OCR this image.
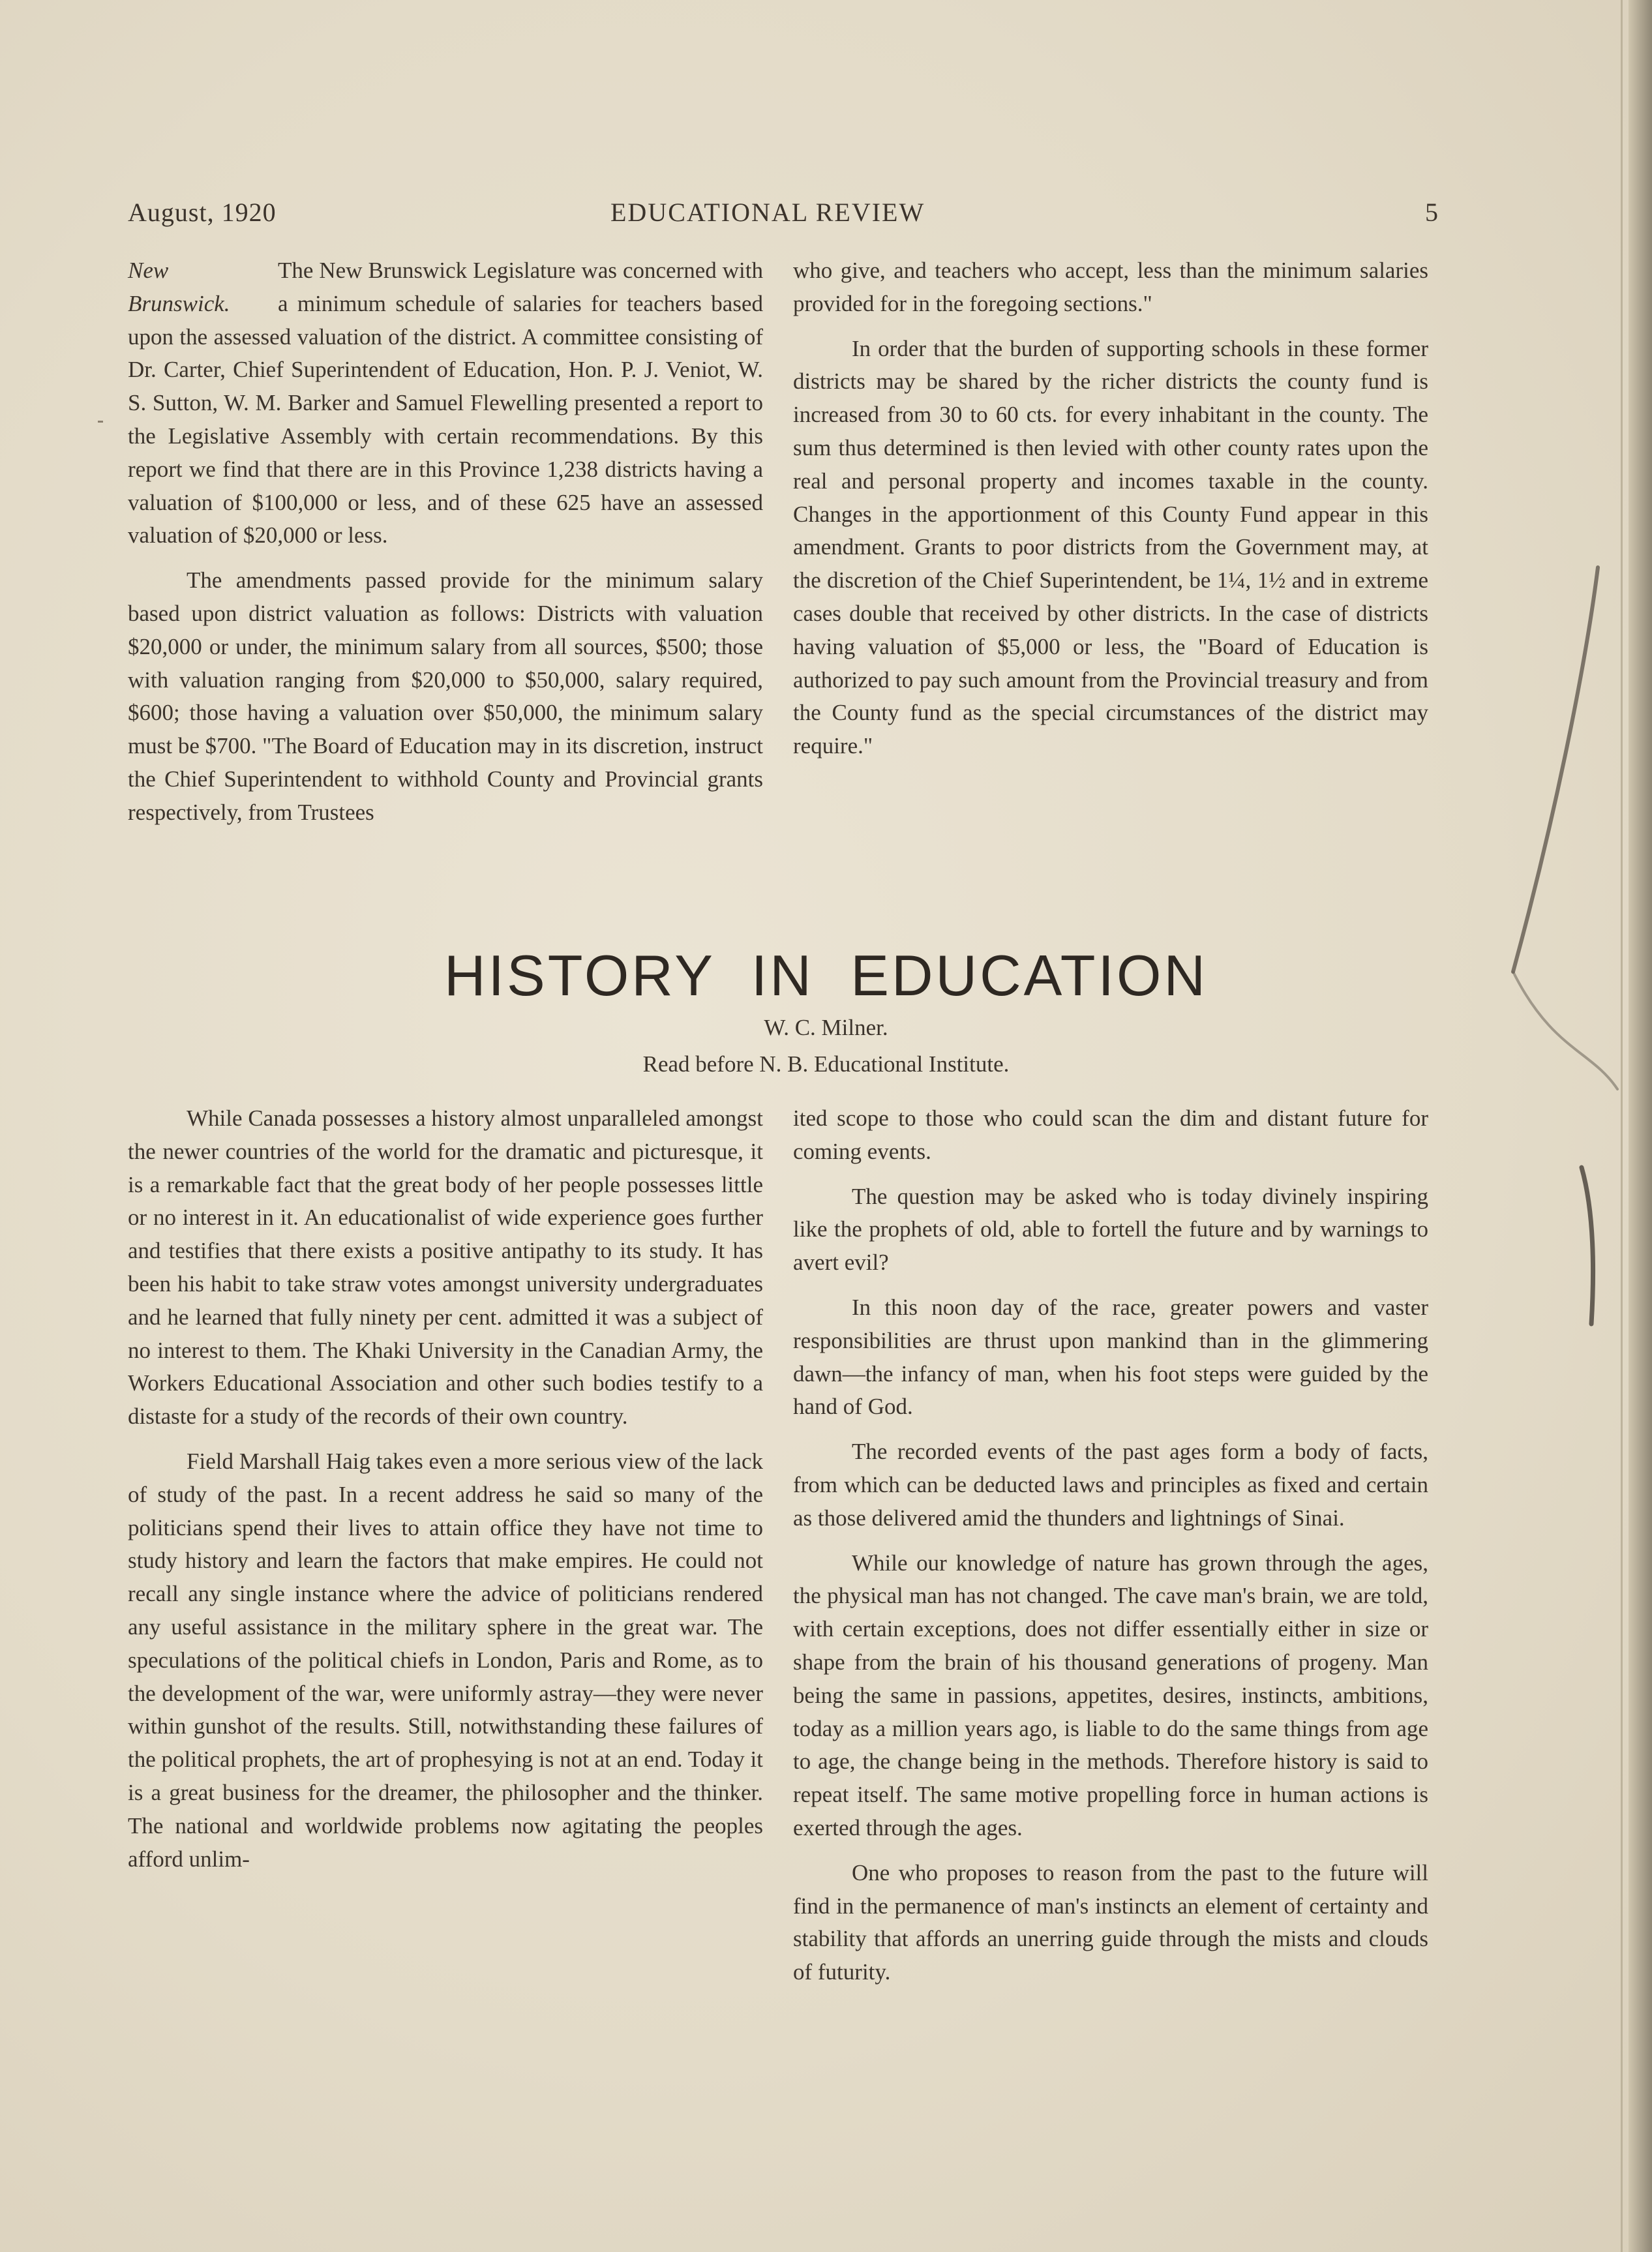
August, 1920	EDUCATIONAL REVIEW	5
New
Brunswick.

The New Brunswick Legislature was concerned with a minimum schedule of salaries for teachers based upon the assessed valuation of the district. A committee consisting of Dr. Carter, Chief Superintendent of Education, Hon. P. J. Veniot, W. S. Sutton, W. M. Barker and Samuel Flewelling presented a report to the Legislative Assembly with certain recommendations. By this report we find that there are in this Province 1,238 districts having a valuation of $100,000 or less, and of these 625 have an assessed valuation of $20,000 or less.

The amendments passed provide for the minimum salary based upon district valuation as follows: Districts with valuation $20,000 or under, the minimum salary from all sources, $500; those with valuation ranging from $20,000 to $50,000, salary required, $600; those having a valuation over $50,000, the minimum salary must be $700. "The Board of Education may in its discretion, instruct the Chief Superintendent to withhold County and Provincial grants respectively, from Trustees

who give, and teachers who accept, less than the minimum salaries provided for in the foregoing sections."

In order that the burden of supporting schools in these former districts may be shared by the richer districts the county fund is increased from 30 to 60 cts. for every inhabitant in the county. The sum thus determined is then levied with other county rates upon the real and personal property and incomes taxable in the county. Changes in the apportionment of this County Fund appear in this amendment. Grants to poor districts from the Government may, at the discretion of the Chief Superintendent, be 1¼, 1½ and in extreme cases double that received by other districts. In the case of districts having valuation of $5,000 or less, the "Board of Education is authorized to pay such amount from the Provincial treasury and from the County fund as the special circumstances of the district may require."

HISTORY IN EDUCATION
W. C. Milner.
Read before N. B. Educational Institute.

While Canada possesses a history almost unparalleled amongst the newer countries of the world for the dramatic and picturesque, it is a remarkable fact that the great body of her people possesses little or no interest in it. An educationalist of wide experience goes further and testifies that there exists a positive antipathy to its study. It has been his habit to take straw votes amongst university undergraduates and he learned that fully ninety per cent. admitted it was a subject of no interest to them. The Khaki University in the Canadian Army, the Workers Educational Association and other such bodies testify to a distaste for a study of the records of their own country.

Field Marshall Haig takes even a more serious view of the lack of study of the past. In a recent address he said so many of the politicians spend their lives to attain office they have not time to study history and learn the factors that make empires. He could not recall any single instance where the advice of politicians rendered any useful assistance in the military sphere in the great war. The speculations of the political chiefs in London, Paris and Rome, as to the development of the war, were uniformly astray—they were never within gunshot of the results. Still, notwithstanding these failures of the political prophets, the art of prophesying is not at an end. Today it is a great business for the dreamer, the philosopher and the thinker. The national and worldwide problems now agitating the peoples afford unlim-

ited scope to those who could scan the dim and distant future for coming events.

The question may be asked who is today divinely inspiring like the prophets of old, able to fortell the future and by warnings to avert evil?

In this noon day of the race, greater powers and vaster responsibilities are thrust upon mankind than in the glimmering dawn—the infancy of man, when his foot steps were guided by the hand of God.

The recorded events of the past ages form a body of facts, from which can be deducted laws and principles as fixed and certain as those delivered amid the thunders and lightnings of Sinai.

While our knowledge of nature has grown through the ages, the physical man has not changed. The cave man's brain, we are told, with certain exceptions, does not differ essentially either in size or shape from the brain of his thousand generations of progeny. Man being the same in passions, appetites, desires, instincts, ambitions, today as a million years ago, is liable to do the same things from age to age, the change being in the methods. Therefore history is said to repeat itself. The same motive propelling force in human actions is exerted through the ages.

One who proposes to reason from the past to the future will find in the permanence of man's instincts an element of certainty and stability that affords an unerring guide through the mists and clouds of futurity.
